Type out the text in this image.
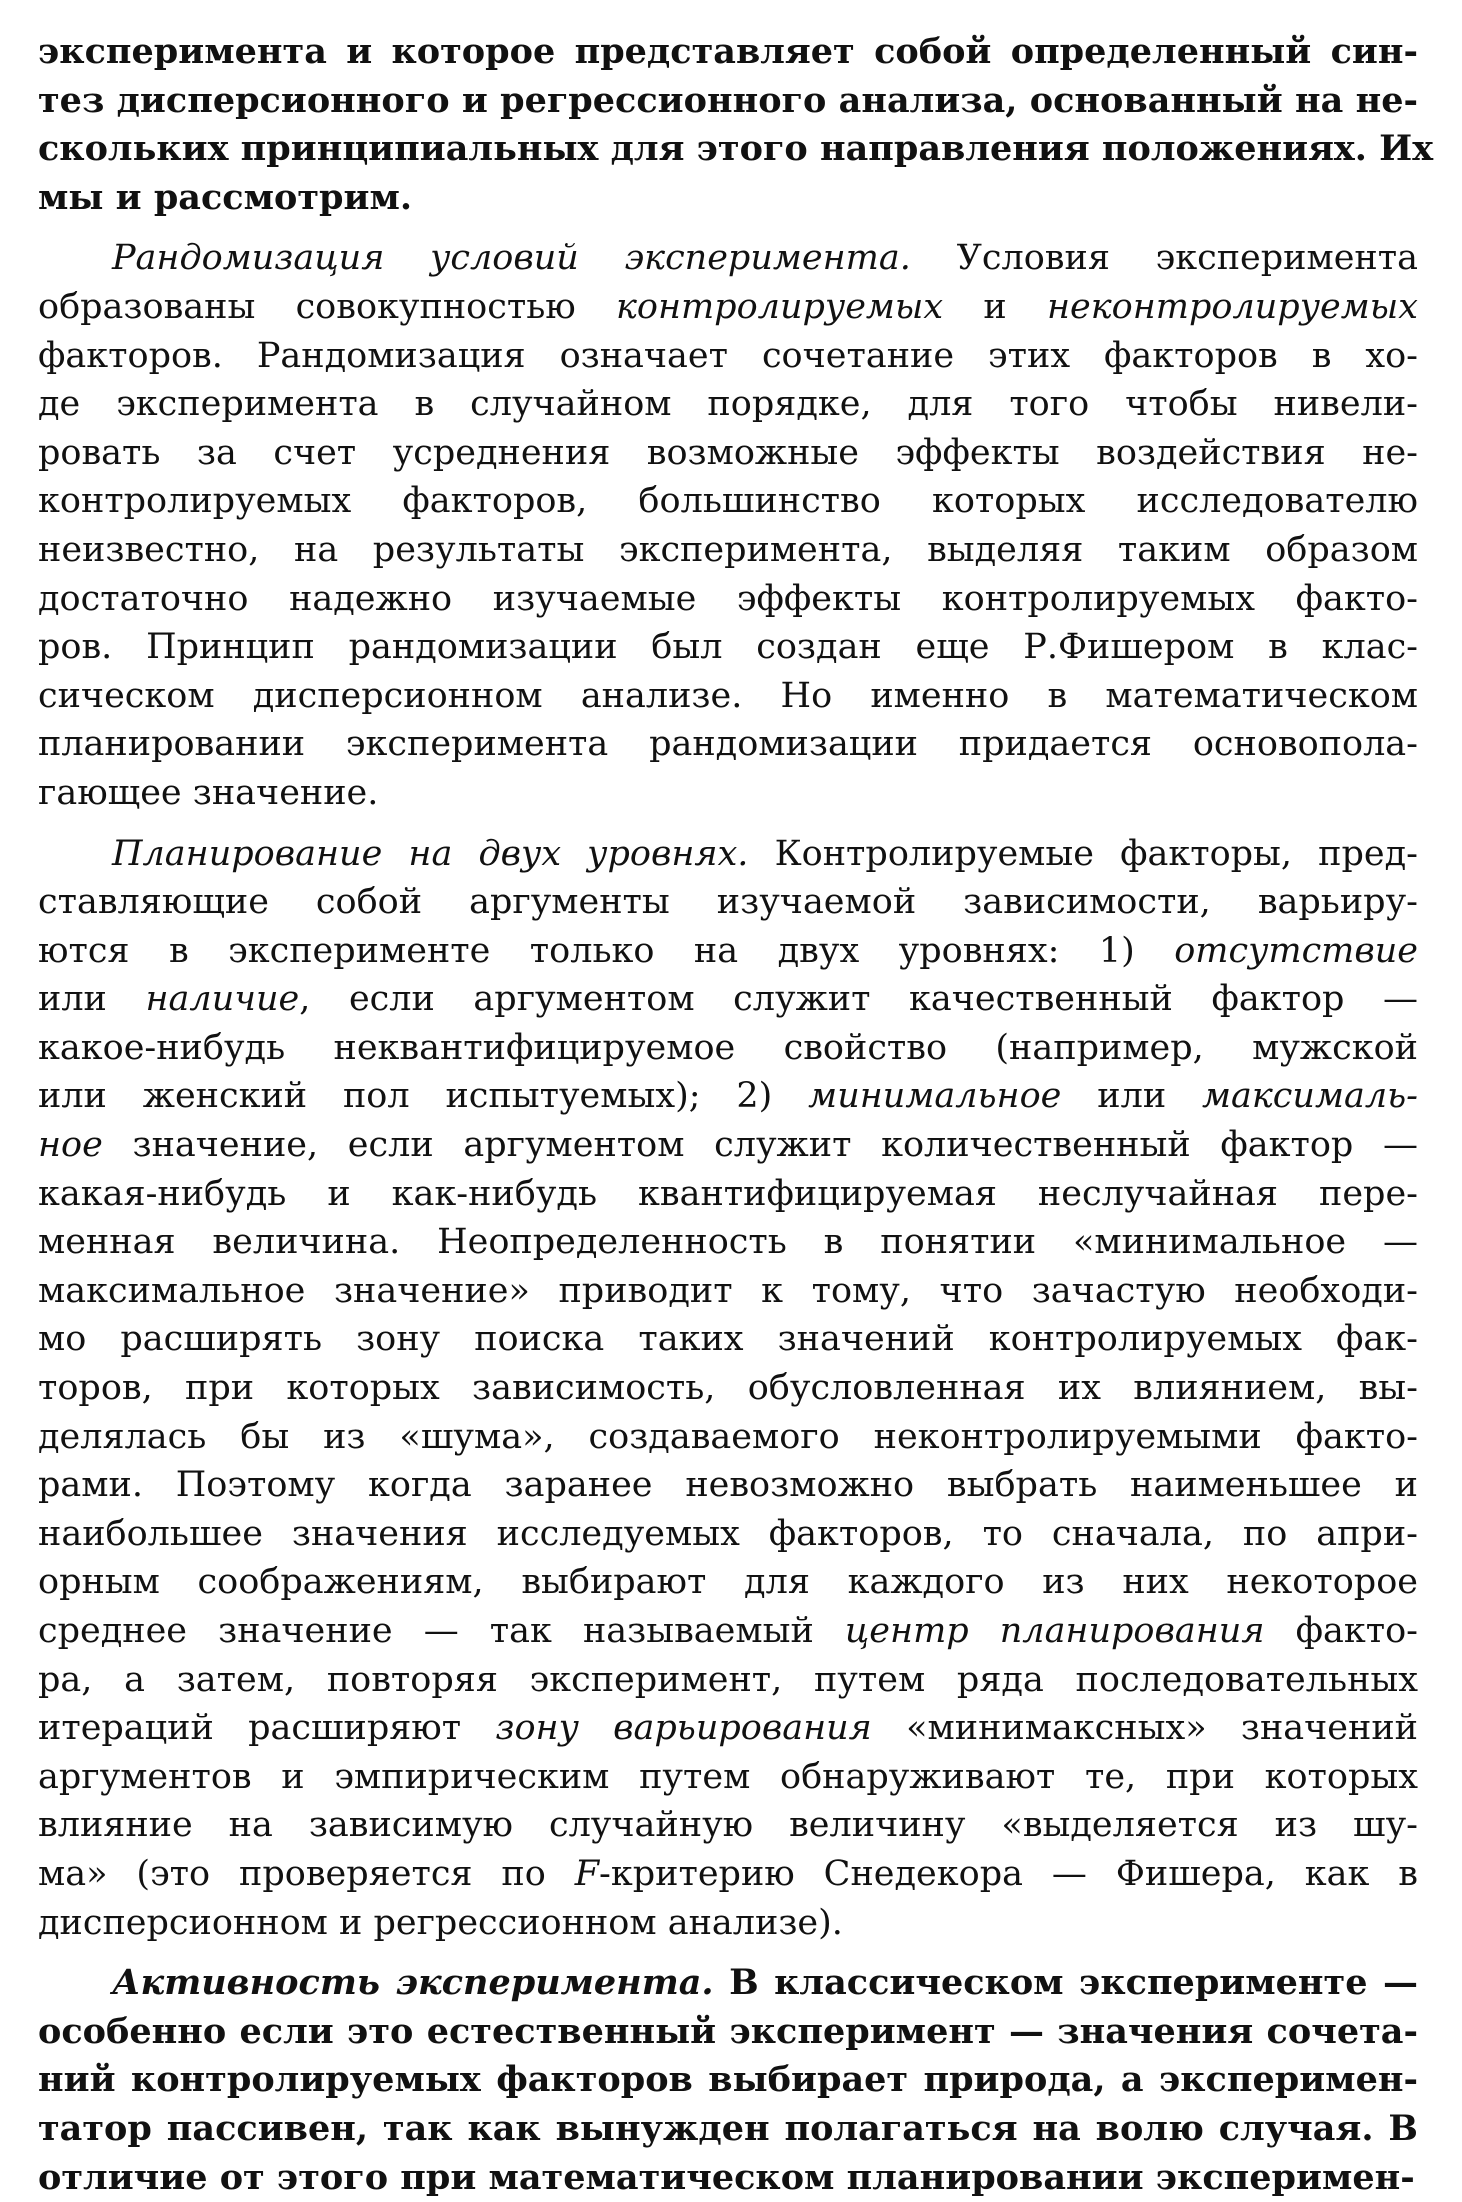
эксперимента и которое представляет собой определенный син-
тез дисперсионного и регрессионного анализа, основанный на не-
скольких принципиальных для этого направления положениях. Их
мы и рассмотрим.
Рандомизация условий эксперимента. Условия эксперимента
образованы совокупностью контролируемых и неконтролируемых
факторов. Рандомизация означает сочетание этих факторов в хо-
де эксперимента в случайном порядке, для того чтобы нивели-
ровать за счет усреднения возможные эффекты воздействия не-
контролируемых факторов, большинство которых исследователю
неизвестно, на результаты эксперимента, выделяя таким образом
достаточно надежно изучаемые эффекты контролируемых факто-
ров. Принцип рандомизации был создан еще Р.Фишером в клас-
сическом дисперсионном анализе. Но именно в математическом
планировании эксперимента рандомизации придается основопола-
гающее значение.
Планирование на двух уровнях. Контролируемые факторы, пред-
ставляющие собой аргументы изучаемой зависимости, варьиру-
ются в эксперименте только на двух уровнях: 1) отсутствие
или наличие, если аргументом служит качественный фактор —
какое-нибудь неквантифицируемое свойство (например, мужской
или женский пол испытуемых); 2) минимальное или максималь-
ное значение, если аргументом служит количественный фактор —
какая-нибудь и как-нибудь квантифицируемая неслучайная пере-
менная величина. Неопределенность в понятии «минимальное —
максимальное значение» приводит к тому, что зачастую необходи-
мо расширять зону поиска таких значений контролируемых фак-
торов, при которых зависимость, обусловленная их влиянием, вы-
делялась бы из «шума», создаваемого неконтролируемыми факто-
рами. Поэтому когда заранее невозможно выбрать наименьшее и
наибольшее значения исследуемых факторов, то сначала, по апри-
орным соображениям, выбирают для каждого из них некоторое
среднее значение — так называемый центр планирования факто-
ра, а затем, повторяя эксперимент, путем ряда последовательных
итераций расширяют зону варьирования «минимаксных» значений
аргументов и эмпирическим путем обнаруживают те, при которых
влияние на зависимую случайную величину «выделяется из шу-
ма» (это проверяется по F-критерию Снедекора — Фишера, как в
дисперсионном и регрессионном анализе).
Активность эксперимента. В классическом эксперименте —
особенно если это естественный эксперимент — значения сочета-
ний контролируемых факторов выбирает природа, а эксперимен-
татор пассивен, так как вынужден полагаться на волю случая. В
отличие от этого при математическом планировании эксперимен-
